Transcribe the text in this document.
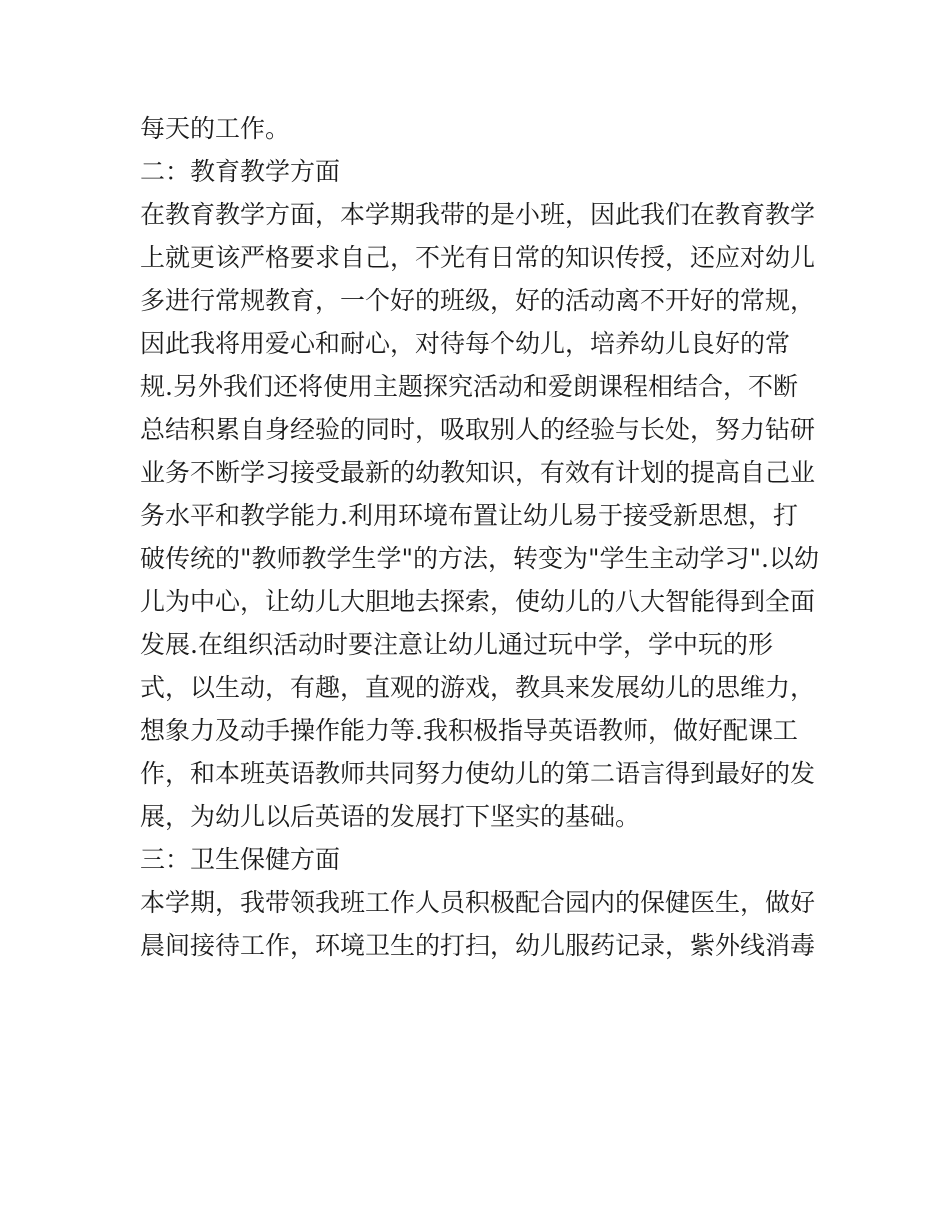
每天的工作。
二：教育教学方面
在教育教学方面，本学期我带的是小班，因此我们在教育教学
上就更该严格要求自己，不光有日常的知识传授，还应对幼儿
多进行常规教育，一个好的班级，好的活动离不开好的常规，
因此我将用爱心和耐心，对待每个幼儿，培养幼儿良好的常
规.另外我们还将使用主题探究活动和爱朗课程相结合，不断
总结积累自身经验的同时，吸取别人的经验与长处，努力钻研
业务不断学习接受最新的幼教知识，有效有计划的提高自己业
务水平和教学能力.利用环境布置让幼儿易于接受新思想，打
破传统的"教师教学生学"的方法，转变为"学生主动学习".以幼
儿为中心，让幼儿大胆地去探索，使幼儿的八大智能得到全面
发展.在组织活动时要注意让幼儿通过玩中学，学中玩的形
式，以生动，有趣，直观的游戏，教具来发展幼儿的思维力，
想象力及动手操作能力等.我积极指导英语教师，做好配课工
作，和本班英语教师共同努力使幼儿的第二语言得到最好的发
展，为幼儿以后英语的发展打下坚实的基础。
三：卫生保健方面
本学期，我带领我班工作人员积极配合园内的保健医生，做好
晨间接待工作，环境卫生的打扫，幼儿服药记录，紫外线消毒
